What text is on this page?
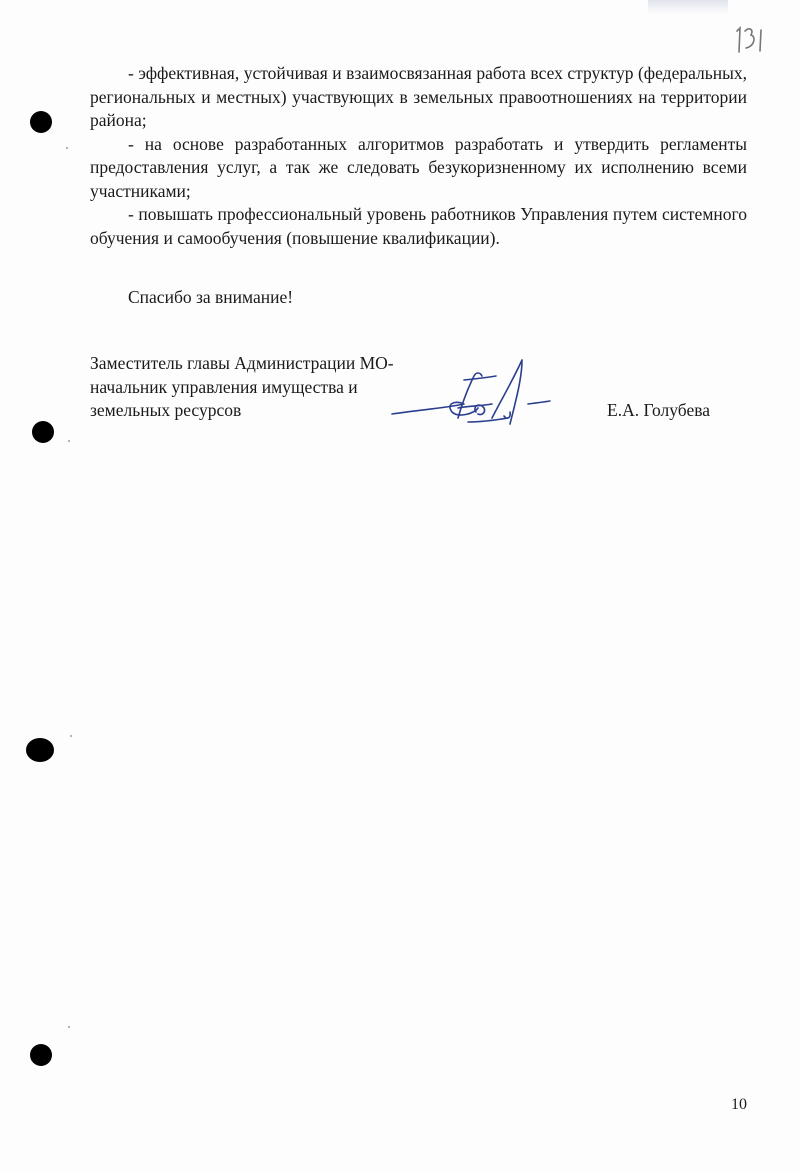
- эффективная, устойчивая и взаимосвязанная работа всех структур (федеральных, региональных и местных) участвующих в земельных правоотношениях на территории района;

- на основе разработанных алгоритмов разработать и утвердить регламенты предоставления услуг, а так же следовать безукоризненному их исполнению всеми участниками;

- повышать профессиональный уровень работников Управления путем системного обучения и самообучения (повышение квалификации).

Спасибо за внимание!
Заместитель главы Администрации МО-
начальник управления имущества и
земельных ресурсов	Е.А. Голубева
10
